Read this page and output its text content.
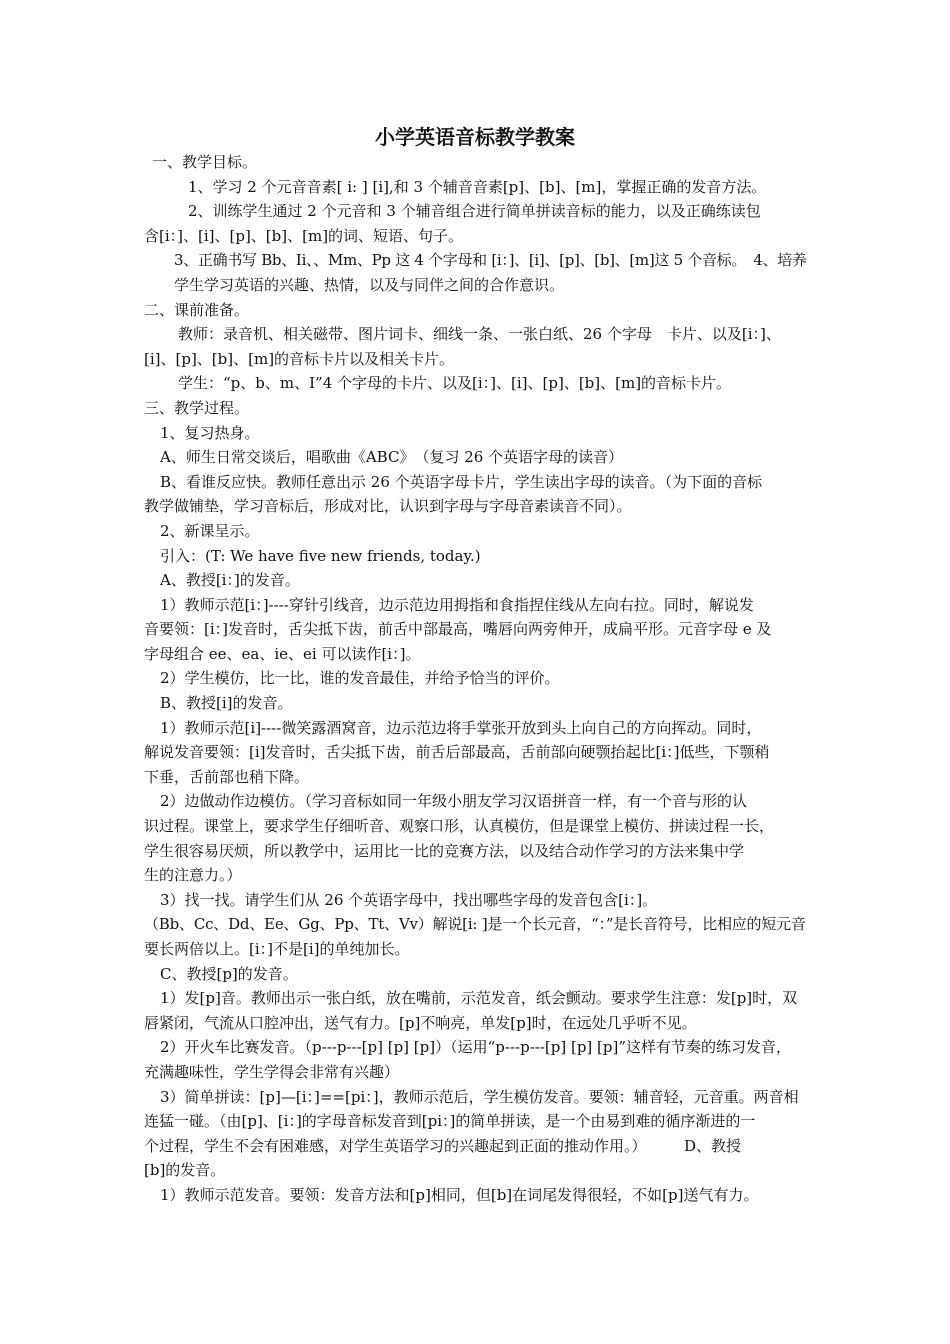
小学英语音标教学教案

一、教学目标。

1、学习 2 个元音音素[ i: ] [i],和 3 个辅音音素[p]、[b]、[m]，掌握正确的发音方法。

2、训练学生通过 2 个元音和 3 个辅音组合进行简单拼读音标的能力，以及正确练读包

含[i：]、[i]、[p]、[b]、[m]的词、短语、句子。

3、正确书写 Bb、Ii、、Mm、Pp 这 4 个字母和 [i：]、[i]、[p]、[b]、[m]这 5 个音标。　4、培养

学生学习英语的兴趣、热情，以及与同伴之间的合作意识。

二、课前准备。

教师：录音机、相关磁带、图片词卡、细线一条、一张白纸、26 个字母　卡片、以及[i：]、

[i]、[p]、[b]、[m]的音标卡片以及相关卡片。

学生：“p、b、m、I”4 个字母的卡片、以及[i：]、[i]、[p]、[b]、[m]的音标卡片。

三、教学过程。

1、复习热身。

A、师生日常交谈后，唱歌曲《ABC》　（复习 26 个英语字母的读音）

B、看谁反应快。教师任意出示 26 个英语字母卡片，学生读出字母的读音。（为下面的音标

教学做铺垫，学习音标后，形成对比，认识到字母与字母音素读音不同）。

2、新课呈示。

引入：(T: We have five new friends, today.)

A、教授[i：]的发音。

1）教师示范[i：]----穿针引线音，边示范边用拇指和食指捏住线从左向右拉。同时，解说发

音要领：[i：]发音时，舌尖抵下齿，前舌中部最高，嘴唇向两旁伸开，成扁平形。元音字母 e 及

字母组合 ee、ea、ie、ei 可以读作[i：]。

2）学生模仿，比一比，谁的发音最佳，并给予恰当的评价。

B、教授[i]的发音。

1）教师示范[i]----微笑露酒窝音，边示范边将手掌张开放到头上向自己的方向挥动。同时，

解说发音要领：[i]发音时，舌尖抵下齿，前舌后部最高，舌前部向硬颚抬起比[i：]低些，下颚稍

下垂，舌前部也稍下降。

2）边做动作边模仿。（学习音标如同一年级小朋友学习汉语拼音一样，有一个音与形的认

识过程。课堂上，要求学生仔细听音、观察口形，认真模仿，但是课堂上模仿、拼读过程一长，

学生很容易厌烦，所以教学中，运用比一比的竞赛方法，以及结合动作学习的方法来集中学

生的注意力。）

3）找一找。请学生们从 26 个英语字母中，找出哪些字母的发音包含[i：]。

（Bb、Cc、Dd、Ee、Gg、Pp、Tt、Vv）解说[i: ]是一个长元音，“：”是长音符号，比相应的短元音

要长两倍以上。[i：]不是[i]的单纯加长。

C、教授[p]的发音。

1）发[p]音。教师出示一张白纸，放在嘴前，示范发音，纸会颤动。要求学生注意：发[p]时，双

唇紧闭，气流从口腔冲出，送气有力。[p]不响亮，单发[p]时，在远处几乎听不见。

2）开火车比赛发音。（p---p---[p] [p] [p]）（运用“p---p---[p] [p] [p]”这样有节奏的练习发音，

充满趣味性，学生学得会非常有兴趣）

3）简单拼读：[p]—[i：]==[pi：]，教师示范后，学生模仿发音。要领：辅音轻，元音重。两音相

连猛一碰。（由[p]、[i：]的字母音标发音到[pi：]的简单拼读，是一个由易到难的循序渐进的一

个过程，学生不会有困难感，对学生英语学习的兴趣起到正面的推动作用。）　　　D、教授

[b]的发音。

1）教师示范发音。要领：发音方法和[p]相同，但[b]在词尾发得很轻，不如[p]送气有力。
